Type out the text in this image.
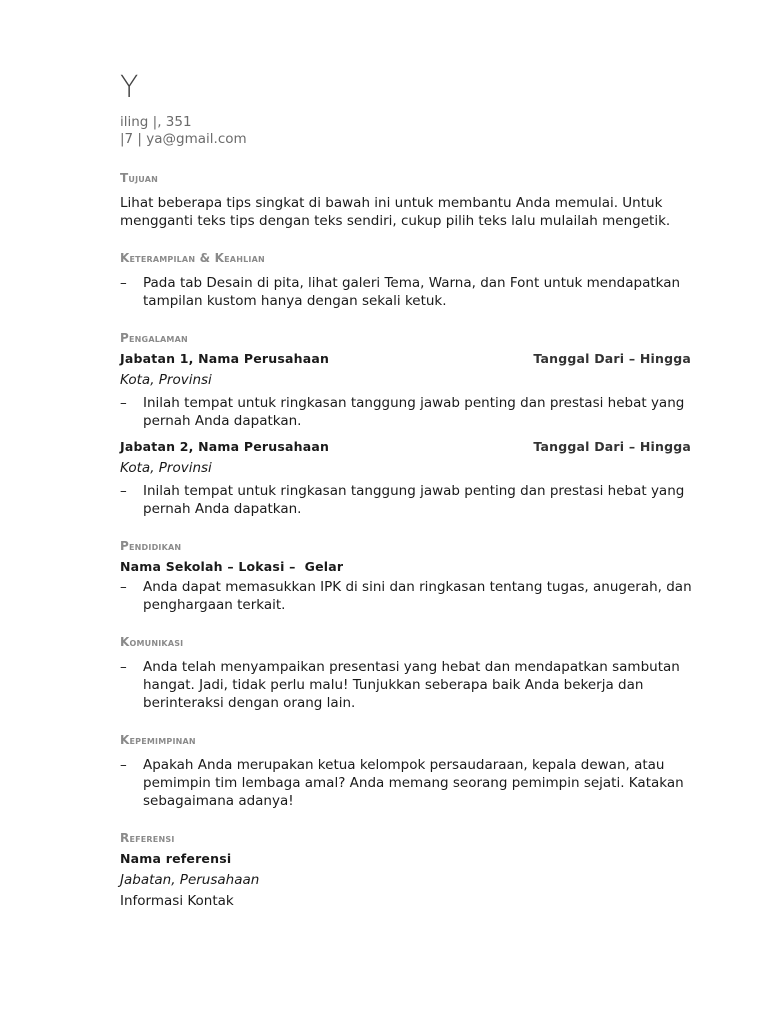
Y
iling |, 351
|7 | ya@gmail.com
Tujuan

Lihat beberapa tips singkat di bawah ini untuk membantu Anda memulai. Untuk mengganti teks tips dengan teks sendiri, cukup pilih teks lalu mulailah mengetik.

Keterampilan & Keahlian
–	Pada tab Desain di pita, lihat galeri Tema, Warna, dan Font untuk mendapatkan tampilan kustom hanya dengan sekali ketuk.
Pengalaman
Jabatan 1, Nama Perusahaan	Tanggal Dari – Hingga
Kota, Provinsi
–	Inilah tempat untuk ringkasan tanggung jawab penting dan prestasi hebat yang pernah Anda dapatkan.
Jabatan 2, Nama Perusahaan	Tanggal Dari – Hingga
Kota, Provinsi
–	Inilah tempat untuk ringkasan tanggung jawab penting dan prestasi hebat yang pernah Anda dapatkan.
Pendidikan
Nama Sekolah – Lokasi –  Gelar
–	Anda dapat memasukkan IPK di sini dan ringkasan tentang tugas, anugerah, dan penghargaan terkait.
Komunikasi
–	Anda telah menyampaikan presentasi yang hebat dan mendapatkan sambutan hangat. Jadi, tidak perlu malu! Tunjukkan seberapa baik Anda bekerja dan berinteraksi dengan orang lain.
Kepemimpinan
–	Apakah Anda merupakan ketua kelompok persaudaraan, kepala dewan, atau pemimpin tim lembaga amal? Anda memang seorang pemimpin sejati. Katakan sebagaimana adanya!
Referensi
Nama referensi
Jabatan, Perusahaan
Informasi Kontak
